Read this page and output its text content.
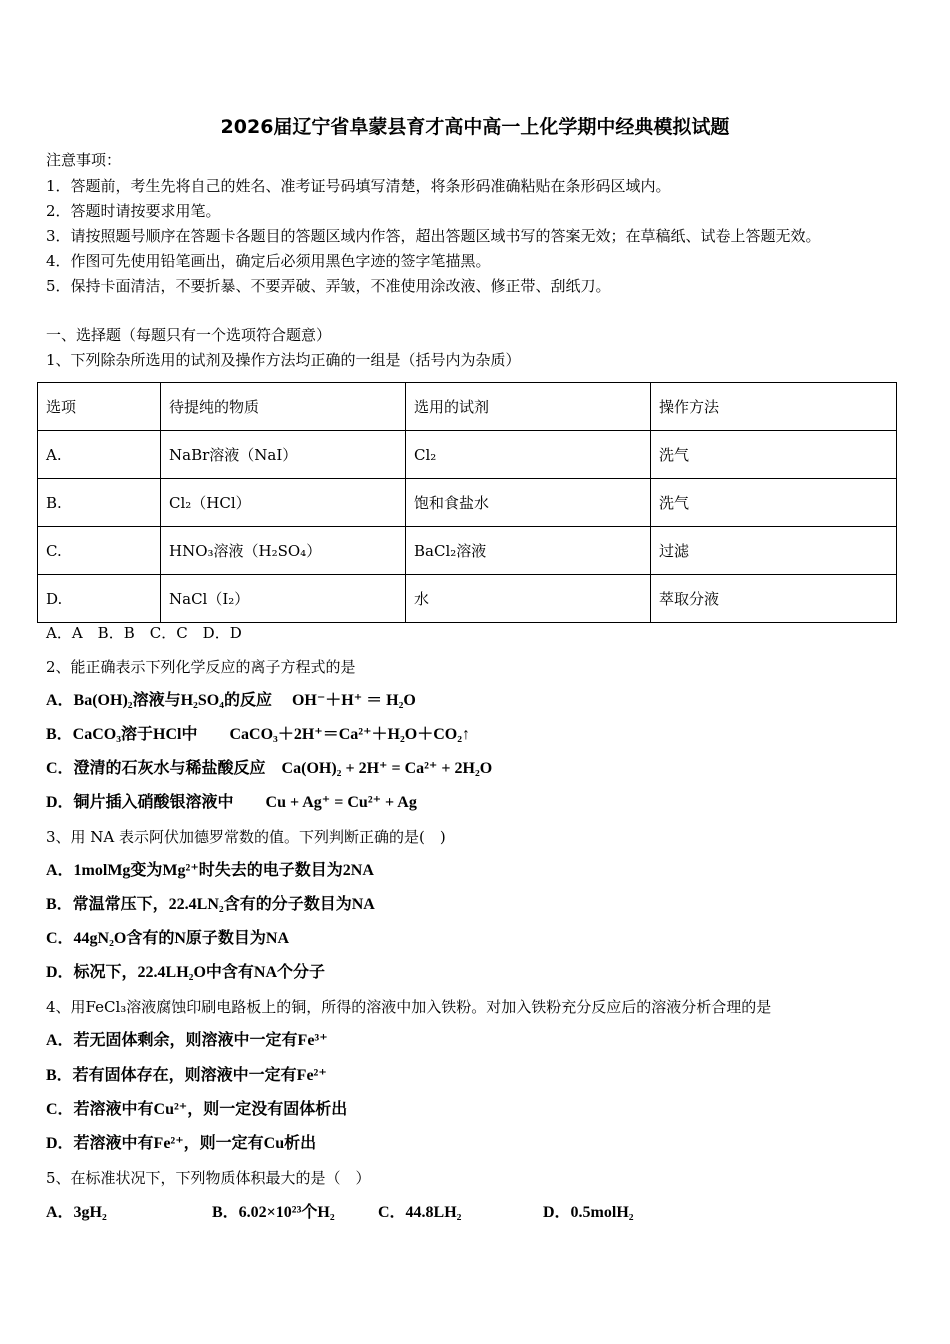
2026届辽宁省阜蒙县育才高中高一上化学期中经典模拟试题
注意事项：
1．答题前，考生先将自己的姓名、准考证号码填写清楚，将条形码准确粘贴在条形码区域内。
2．答题时请按要求用笔。
3．请按照题号顺序在答题卡各题目的答题区域内作答，超出答题区域书写的答案无效；在草稿纸、试卷上答题无效。
4．作图可先使用铅笔画出，确定后必须用黑色字迹的签字笔描黑。
5．保持卡面清洁，不要折暴、不要弄破、弄皱，不准使用涂改液、修正带、刮纸刀。
一、选择题（每题只有一个选项符合题意）
1、下列除杂所选用的试剂及操作方法均正确的一组是（括号内为杂质）
选项	待提纯的物质	选用的试剂	操作方法
A.	NaBr溶液（NaI）	Cl₂	洗气
B.	Cl₂（HCl）	饱和食盐水	洗气
C.	HNO₃溶液（H₂SO₄）	BaCl₂溶液	过滤
D.	NaCl（I₂）	水	萃取分液
A．A　B．B　C．C　D．D
2、能正确表示下列化学反应的离子方程式的是
A．Ba(OH)₂溶液与H₂SO₄的反应　 OH⁻＋H⁺ ＝ H₂O
B．CaCO₃溶于HCl中　　CaCO₃＋2H⁺＝Ca²⁺＋H₂O＋CO₂↑
C．澄清的石灰水与稀盐酸反应　Ca(OH)₂ + 2H⁺ = Ca²⁺ + 2H₂O
D．铜片插入硝酸银溶液中　　Cu + Ag⁺ = Cu²⁺ + Ag
3、用 NA 表示阿伏加德罗常数的值。下列判断正确的是(　)
A．1molMg变为Mg²⁺时失去的电子数目为2NA
B．常温常压下，22.4LN₂含有的分子数目为NA
C．44gN₂O含有的N原子数目为NA
D．标况下，22.4LH₂O中含有NA个分子
4、用FeCl₃溶液腐蚀印刷电路板上的铜，所得的溶液中加入铁粉。对加入铁粉充分反应后的溶液分析合理的是
A．若无固体剩余，则溶液中一定有Fe³⁺
B．若有固体存在，则溶液中一定有Fe²⁺
C．若溶液中有Cu²⁺，则一定没有固体析出
D．若溶液中有Fe²⁺，则一定有Cu析出
5、在标准状况下，下列物质体积最大的是（　）
A．3gH₂	B．6.02×10²³个H₂	C．44.8LH₂	D．0.5molH₂
